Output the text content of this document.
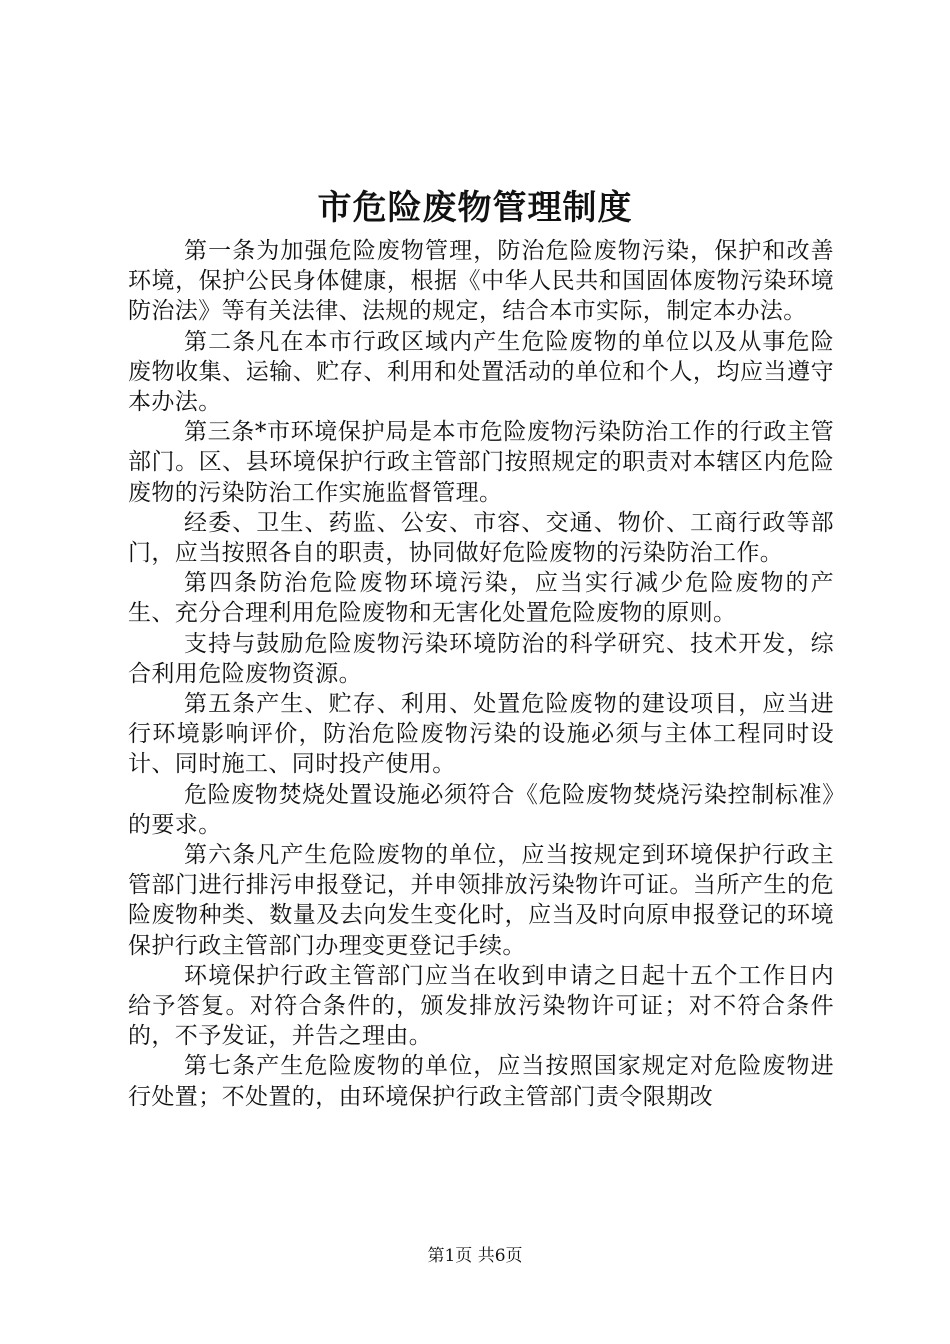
市危险废物管理制度

第一条为加强危险废物管理，防治危险废物污染，保护和改善环境，保护公民身体健康，根据《中华人民共和国固体废物污染环境防治法》等有关法律、法规的规定，结合本市实际，制定本办法。

第二条凡在本市行政区域内产生危险废物的单位以及从事危险废物收集、运输、贮存、利用和处置活动的单位和个人，均应当遵守本办法。

第三条*市环境保护局是本市危险废物污染防治工作的行政主管部门。区、县环境保护行政主管部门按照规定的职责对本辖区内危险废物的污染防治工作实施监督管理。

经委、卫生、药监、公安、市容、交通、物价、工商行政等部门，应当按照各自的职责，协同做好危险废物的污染防治工作。

第四条防治危险废物环境污染，应当实行减少危险废物的产生、充分合理利用危险废物和无害化处置危险废物的原则。

支持与鼓励危险废物污染环境防治的科学研究、技术开发，综合利用危险废物资源。

第五条产生、贮存、利用、处置危险废物的建设项目，应当进行环境影响评价，防治危险废物污染的设施必须与主体工程同时设计、同时施工、同时投产使用。

危险废物焚烧处置设施必须符合《危险废物焚烧污染控制标准》的要求。

第六条凡产生危险废物的单位，应当按规定到环境保护行政主管部门进行排污申报登记，并申领排放污染物许可证。当所产生的危险废物种类、数量及去向发生变化时，应当及时向原申报登记的环境保护行政主管部门办理变更登记手续。

环境保护行政主管部门应当在收到申请之日起十五个工作日内给予答复。对符合条件的，颁发排放污染物许可证；对不符合条件的，不予发证，并告之理由。

第七条产生危险废物的单位，应当按照国家规定对危险废物进行处置；不处置的，由环境保护行政主管部门责令限期改

第1页 共6页
